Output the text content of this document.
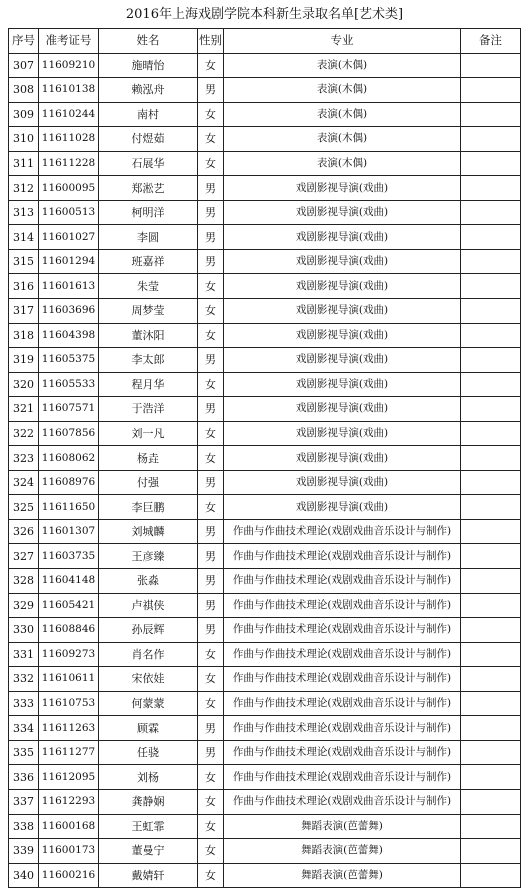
2016年上海戏剧学院本科新生录取名单[艺术类]
序号	准考证号	姓名	性别	专业	备注
307	11609210	施晴怡	女	表演(木偶)	
308	11610138	赖泓舟	男	表演(木偶)	
309	11610244	南村	女	表演(木偶)	
310	11611028	付煜茹	女	表演(木偶)	
311	11611228	石展华	女	表演(木偶)	
312	11600095	郑淞艺	男	戏剧影视导演(戏曲)	
313	11600513	柯明洋	男	戏剧影视导演(戏曲)	
314	11601027	李圆	男	戏剧影视导演(戏曲)	
315	11601294	班嘉祥	男	戏剧影视导演(戏曲)	
316	11601613	朱莹	女	戏剧影视导演(戏曲)	
317	11603696	周梦莹	女	戏剧影视导演(戏曲)	
318	11604398	董沐阳	女	戏剧影视导演(戏曲)	
319	11605375	李太郎	男	戏剧影视导演(戏曲)	
320	11605533	程月华	女	戏剧影视导演(戏曲)	
321	11607571	于浩洋	男	戏剧影视导演(戏曲)	
322	11607856	刘一凡	女	戏剧影视导演(戏曲)	
323	11608062	杨垚	女	戏剧影视导演(戏曲)	
324	11608976	付强	男	戏剧影视导演(戏曲)	
325	11611650	李巨鹏	女	戏剧影视导演(戏曲)	
326	11601307	刘城麟	男	作曲与作曲技术理论(戏剧戏曲音乐设计与制作)	
327	11603735	王彦臻	男	作曲与作曲技术理论(戏剧戏曲音乐设计与制作)	
328	11604148	张淼	男	作曲与作曲技术理论(戏剧戏曲音乐设计与制作)	
329	11605421	卢祺侠	男	作曲与作曲技术理论(戏剧戏曲音乐设计与制作)	
330	11608846	孙辰辉	男	作曲与作曲技术理论(戏剧戏曲音乐设计与制作)	
331	11609273	肖名作	女	作曲与作曲技术理论(戏剧戏曲音乐设计与制作)	
332	11610611	宋依娃	女	作曲与作曲技术理论(戏剧戏曲音乐设计与制作)	
333	11610753	何蒙蒙	女	作曲与作曲技术理论(戏剧戏曲音乐设计与制作)	
334	11611263	顾霖	男	作曲与作曲技术理论(戏剧戏曲音乐设计与制作)	
335	11611277	任骁	男	作曲与作曲技术理论(戏剧戏曲音乐设计与制作)	
336	11612095	刘杨	女	作曲与作曲技术理论(戏剧戏曲音乐设计与制作)	
337	11612293	龚静娴	女	作曲与作曲技术理论(戏剧戏曲音乐设计与制作)	
338	11600168	王虹霏	女	舞蹈表演(芭蕾舞)	
339	11600173	董曼宁	女	舞蹈表演(芭蕾舞)	
340	11600216	戴婧轩	女	舞蹈表演(芭蕾舞)	
